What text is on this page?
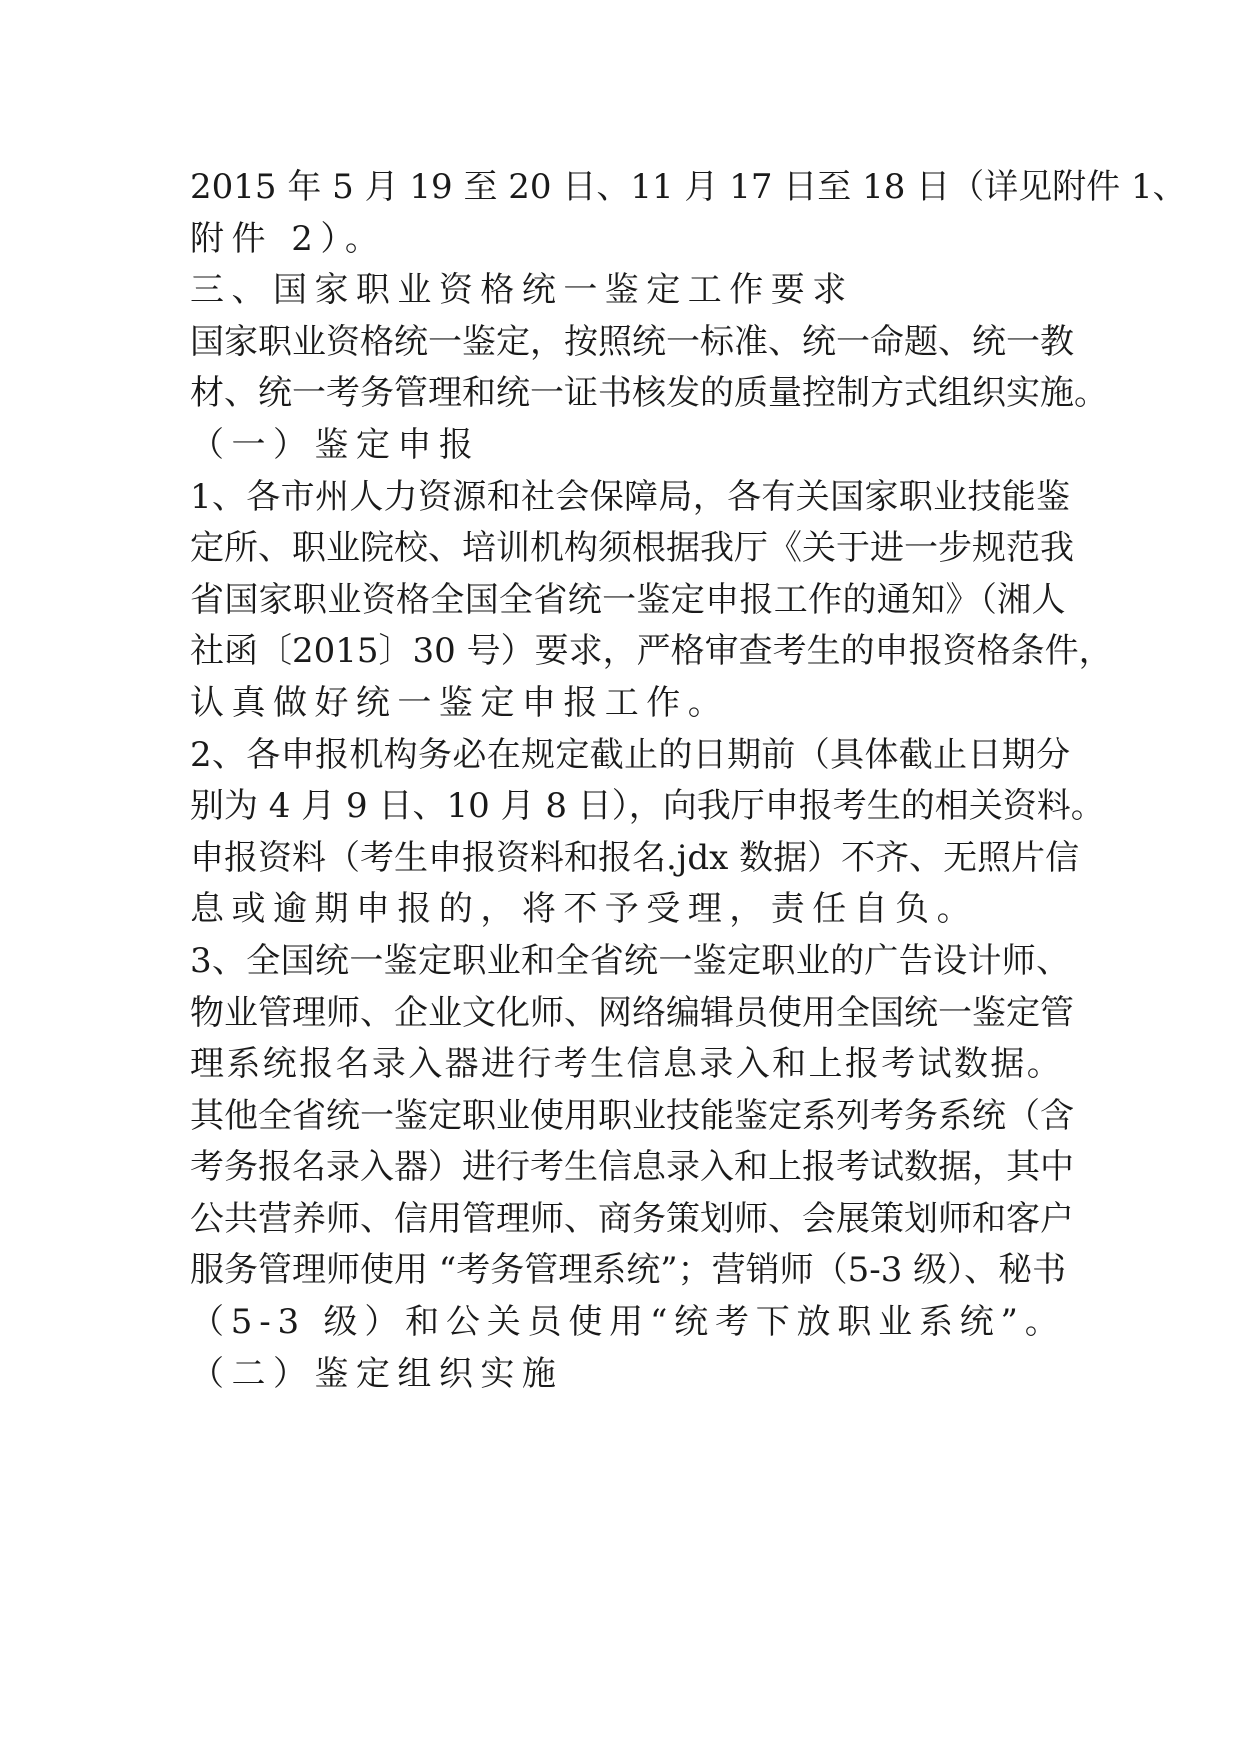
2015 年 5 月 19 至 20 日、11 月 17 日至 18 日（详见附件 1、
附件 2）。
三、国家职业资格统一鉴定工作要求
国家职业资格统一鉴定，按照统一标准、统一命题、统一教
材、统一考务管理和统一证书核发的质量控制方式组织实施。
（一）鉴定申报
1、各市州人力资源和社会保障局，各有关国家职业技能鉴
定所、职业院校、培训机构须根据我厅《关于进一步规范我
省国家职业资格全国全省统一鉴定申报工作的通知》（湘人
社函〔2015〕30 号）要求，严格审查考生的申报资格条件，
认真做好统一鉴定申报工作。
2、各申报机构务必在规定截止的日期前（具体截止日期分
别为 4 月 9 日、10 月 8 日），向我厅申报考生的相关资料。
申报资料（考生申报资料和报名.jdx 数据）不齐、无照片信
息或逾期申报的，将不予受理，责任自负。
3、全国统一鉴定职业和全省统一鉴定职业的广告设计师、
物业管理师、企业文化师、网络编辑员使用全国统一鉴定管
理系统报名录入器进行考生信息录入和上报考试数据。
其他全省统一鉴定职业使用职业技能鉴定系列考务系统（含
考务报名录入器）进行考生信息录入和上报考试数据，其中
公共营养师、信用管理师、商务策划师、会展策划师和客户
服务管理师使用 “考务管理系统”；营销师（5-3 级）、秘书
（5-3 级）和公关员使用“统考下放职业系统”。
（二）鉴定组织实施
